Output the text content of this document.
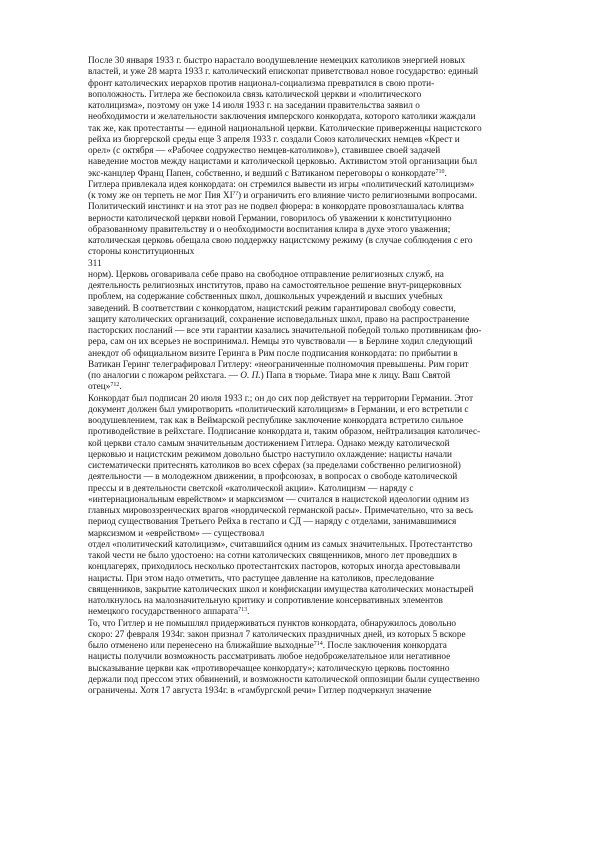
После 30 января 1933 г. быстро нарастало воодушевление немецких католиков энергией новых
властей, и уже 28 марта 1933 г. католический епископат приветствовал новое государство: единый
фронт католических иерархов против национал-социализма превратился в свою проти-
воположность. Гитлера же беспокоила связь католической церкви и «политического
католицизма», поэтому он уже 14 июля 1933 г. на заседании правительства заявил о
необходимости и желательности заключения имперского конкордата, которого католики жаждали
так же, как протестанты — единой национальной церкви. Католические приверженцы нацистского
рейха из бюргерской среды еще 3 апреля 1933 г. создали Союз католических немцев «Крест и
орел» (с октября — «Рабочее содружество немцев-католиков»), ставившее своей задачей
наведение мостов между нацистами и католической церковью. Активистом этой организации был
экс-канцлер Франц Папен, собственно, и ведший с Ватиканом переговоры о конкордате$^{710}$.
Гитлера привлекала идея конкордата: он стремился вывести из игры «политический католицизм»
(к тому же он терпеть не мог Пия XI??) и ограничить его влияние чисто религиозными вопросами.
Политический инстинкт и на этот раз не подвел фюрера: в конкордате провозглашалась клятва
верности католической церкви новой Германии, говорилось об уважении к конституционно
образованному правительству и о необходимости воспитания клира в духе этого уважения;
католическая церковь обещала свою поддержку нацистскому режиму (в случае соблюдения с его
стороны конституционных
311
норм). Церковь оговаривала себе право на свободное отправление религиозных служб, на
деятельность религиозных институтов, право на самостоятельное решение внут-рицерковных
проблем, на содержание собственных школ, дошкольных учреждений и высших учебных
заведений. В соответствии с конкордатом, нацистский режим гарантировал свободу совести,
защиту католических организаций, сохранение исповедальных школ, право на распространение
пасторских посланий — все эти гарантии казались значительной победой только противникам фю-
рера, сам он их всерьез не воспринимал. Немцы это чувствовали — в Берлине ходил следующий
анекдот об официальном визите Геринга в Рим после подписания конкордата: по прибытии в
Ватикан Геринг телеграфировал Гитлеру: «неограниченные полномочия превышены. Рим горит
(по аналогии с пожаром рейхстага. — О. П.) Папа в тюрьме. Тиара мне к лицу. Ваш Святой
отец»$^{712}$.
Конкордат был подписан 20 июля 1933 г.; он до сих пор действует на территории Германии. Этот
документ должен был умиротворить «политический католицизм» в Германии, и его встретили с
воодушевлением, так как в Веймарской республике заключение конкордата встретило сильное
противодействие в рейхстаге. Подписание конкордата и, таким образом, нейтрализация католичес-
кой церкви стало самым значительным достижением Гитлера. Однако между католической
церковью и нацистским режимом довольно быстро наступило охлаждение: нацисты начали
систематически притеснять католиков во всех сферах (за пределами собственно религиозной)
деятельности — в молодежном движении, в профсоюзах, в вопросах о свободе католической
прессы и в деятельности светской «католической акции». Католицизм — наряду с
«интернациональным еврейством» и марксизмом — считался в нацистской идеологии одним из
главных мировоззренческих врагов «нордической германской расы». Примечательно, что за весь
период существования Третьего Рейха в гестапо и СД — наряду с отделами, занимавшимися
марксизмом и «еврейством» — существовал
отдел «политический католицизм», считавшийся одним из самых значительных. Протестантство
такой чести не было удостоено: на сотни католических священников, много лет проведших в
концлагерях, приходилось несколько протестантских пасторов, которых иногда арестовывали
нацисты. При этом надо отметить, что растущее давление на католиков, преследование
священников, закрытие католических школ и конфискации имущества католических монастырей
натолкнулось на малозначительную критику и сопротивление консервативных элементов
немецкого государственного аппарата$^{713}$.
То, что Гитлер и не помышлял придерживаться пунктов конкордата, обнаружилось довольно
скоро: 27 февраля 1934г. закон признал 7 католических праздничных дней, из которых 5 вскоре
было отменено или перенесено на ближайшие выходные$^{714}$. После заключения конкордата
нацисты получили возможность рассматривать любое недоброжелательное или негативное
высказывание церкви как «противоречащее конкордату»; католическую церковь постоянно
держали под прессом этих обвинений, и возможности католической оппозиции были существенно
ограничены. Хотя 17 августа 1934г. в «гамбургской речи» Гитлер подчеркнул значение
